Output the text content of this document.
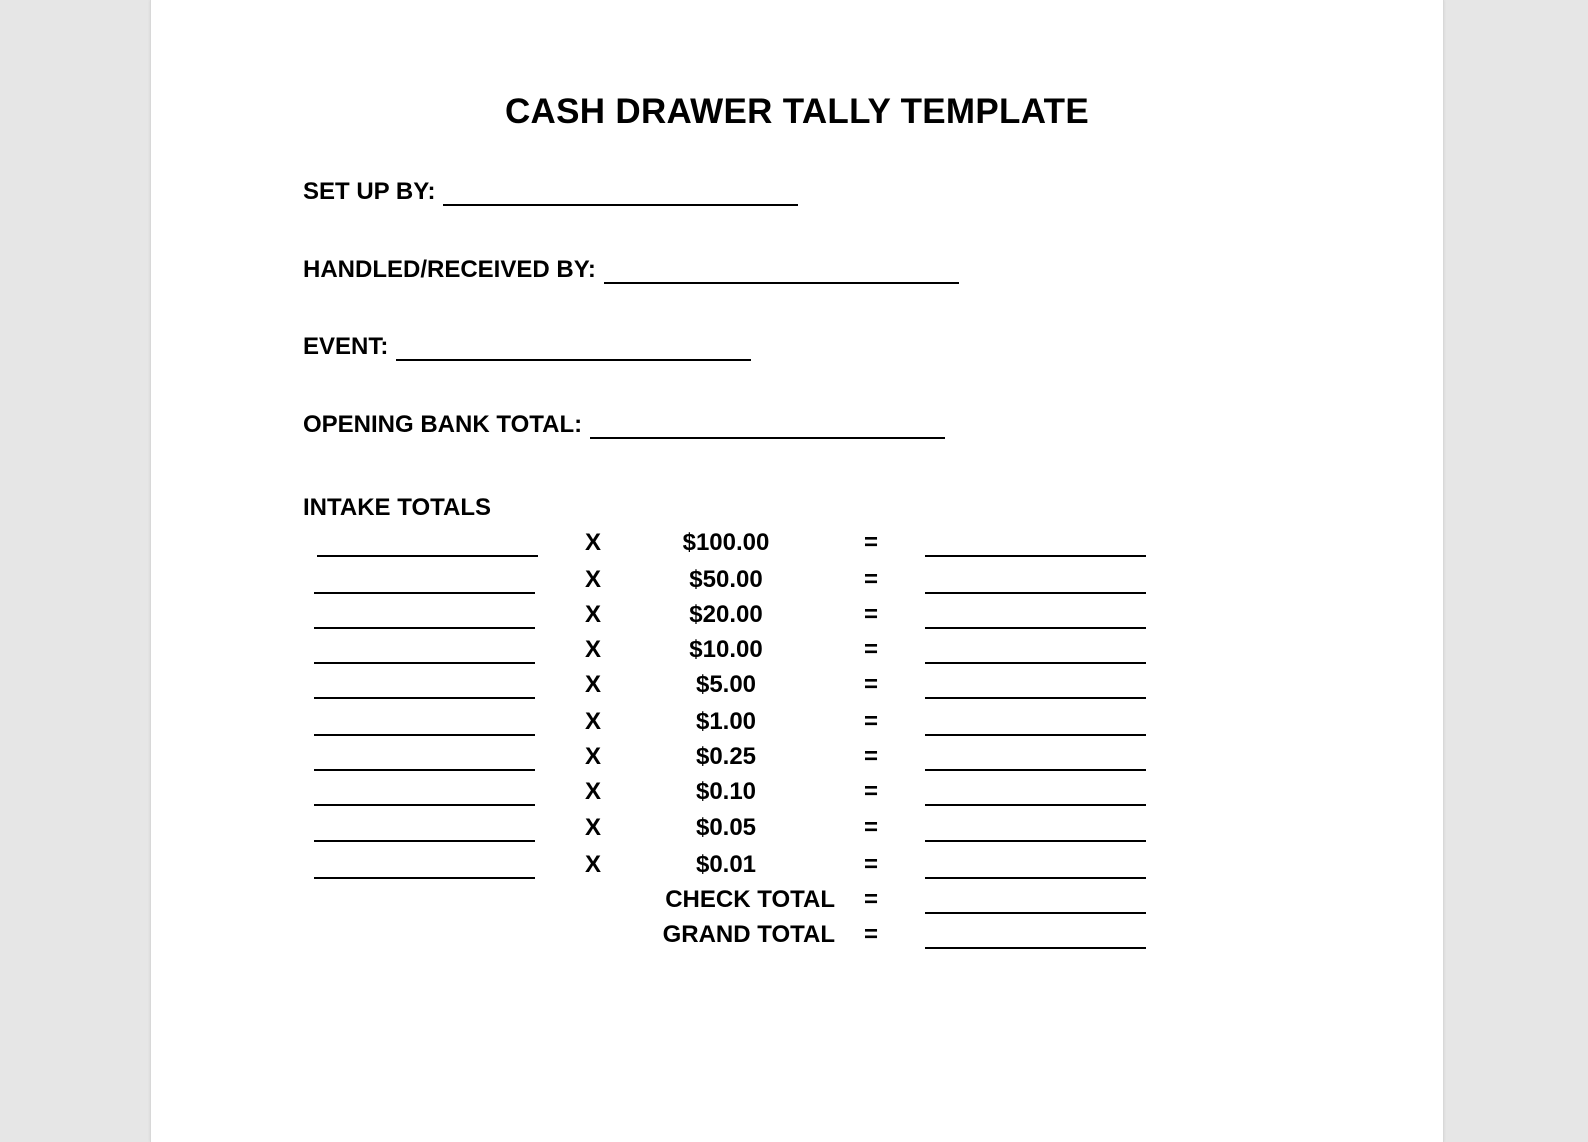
CASH DRAWER TALLY TEMPLATE
SET UP BY:
HANDLED/RECEIVED BY:
EVENT:
OPENING BANK TOTAL:
INTAKE TOTALS
X	$100.00	=
X	$50.00	=
X	$20.00	=
X	$10.00	=
X	$5.00	=
X	$1.00	=
X	$0.25	=
X	$0.10	=
X	$0.05	=
X	$0.01	=
CHECK TOTAL =
GRAND TOTAL =
